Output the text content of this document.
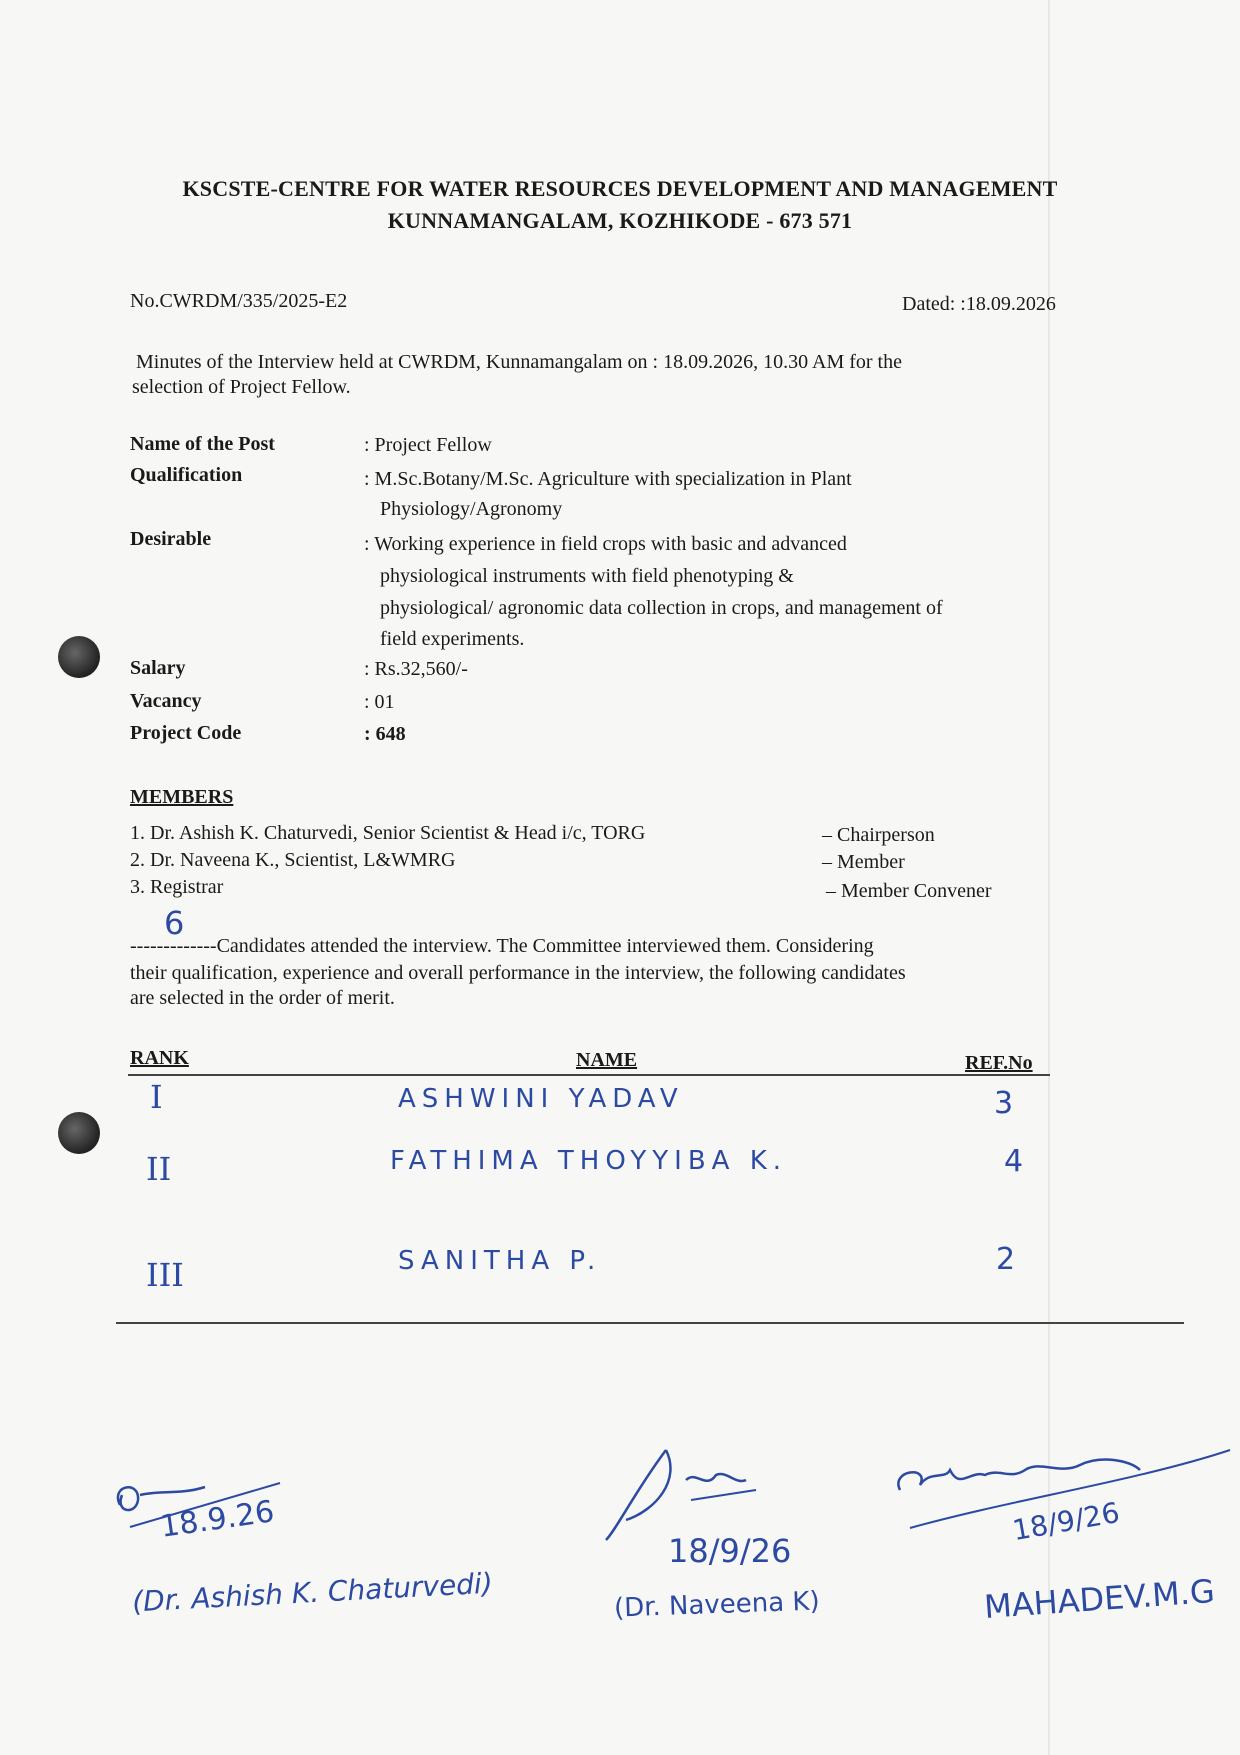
KSCSTE-CENTRE FOR WATER RESOURCES DEVELOPMENT AND MANAGEMENT
KUNNAMANGALAM, KOZHIKODE - 673 571
No.CWRDM/335/2025-E2	Dated: :18.09.2026
Minutes of the Interview held at CWRDM, Kunnamangalam on : 18.09.2026, 10.30 AM for the
selection of Project Fellow.
Name of the Post	: Project Fellow
Qualification	: M.Sc.Botany/M.Sc. Agriculture with specialization in Plant
Physiology/Agronomy
Desirable	: Working experience in field crops with basic and advanced
physiological instruments with field phenotyping &
physiological/ agronomic data collection in crops, and management of
field experiments.
Salary	: Rs.32,560/-
Vacancy	: 01
Project Code	: 648
MEMBERS
1. Dr. Ashish K. Chaturvedi, Senior Scientist & Head i/c, TORG	– Chairperson
2. Dr. Naveena K., Scientist, L&WMRG	– Member
3. Registrar	– Member Convener
-------------Candidates attended the interview. The Committee interviewed them. Considering
6
their qualification, experience and overall performance in the interview, the following candidates
are selected in the order of merit.
RANK	NAME	REF.No
I	ASHWINI YADAV	3
II	FATHIMA THOYYIBA K.	4
III	SANITHA P.	2
18.9.26
(Dr. Ashish K. Chaturvedi)
18/9/26
(Dr. Naveena K)
18/9/26
MAHADEV.M.G
